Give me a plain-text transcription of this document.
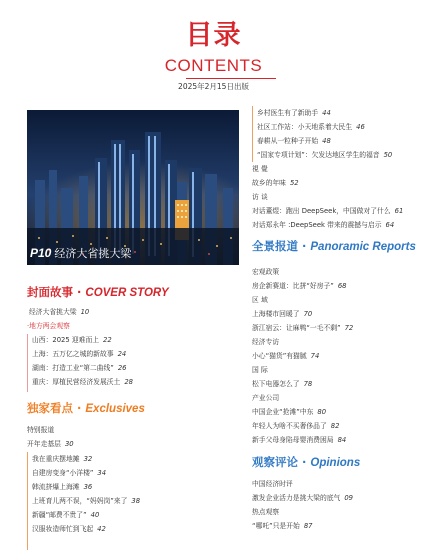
目录
CONTENTS
2025年2月15日出版
P10 经济大省挑大梁
封面故事 · COVER STORY
经济大省挑大梁 10
·地方两会观察
山西：2025 迎难而上 22
上海：五万亿之城的新故事 24
湖南：打造工业“第二曲线” 26
重庆：厚植民营经济发展沃土 28
独家看点 · Exclusives
特别报道
开年走基层 30
我在重庆摆地摊 32
自建房变身“小洋楼” 34
韩流挤爆上海滩 36
上班育儿两不误，“妈妈岗”来了 38
新疆“邮费不贵了” 40
汉服妆造师忙到飞起 42
乡村医生有了新助手 44
社区工作站：小天地系着大民生 46
春耕从一粒种子开始 48
“国家专项计划”：欠发达地区学生的福音 50
視 覺
故乡的年味 52
访 谈
对话董煜：跑出 DeepSeek，中国做对了什么 61
对话郑永年 :DeepSeek 带来的震撼与启示 64
全景报道 · Panoramic Reports
宏观政策
房企新赛道：比拼“好房子” 68
区 域
上海楼市回暖了 70
浙江宿云：让麻鸭“一毛不剩” 72
经济专访
小心“猫货”有猫腻 74
国 际
松下电器怎么了 78
产业公司
中国企业“抢滩”中东 80
年轻人为啥不买奢侈品了 82
新手父母身陷母婴消费困局 84
观察评论 · Opinions
中国经济时评
激发企业活力是挑大梁的底气 09
热点观察
“哪吒”只是开始 87
